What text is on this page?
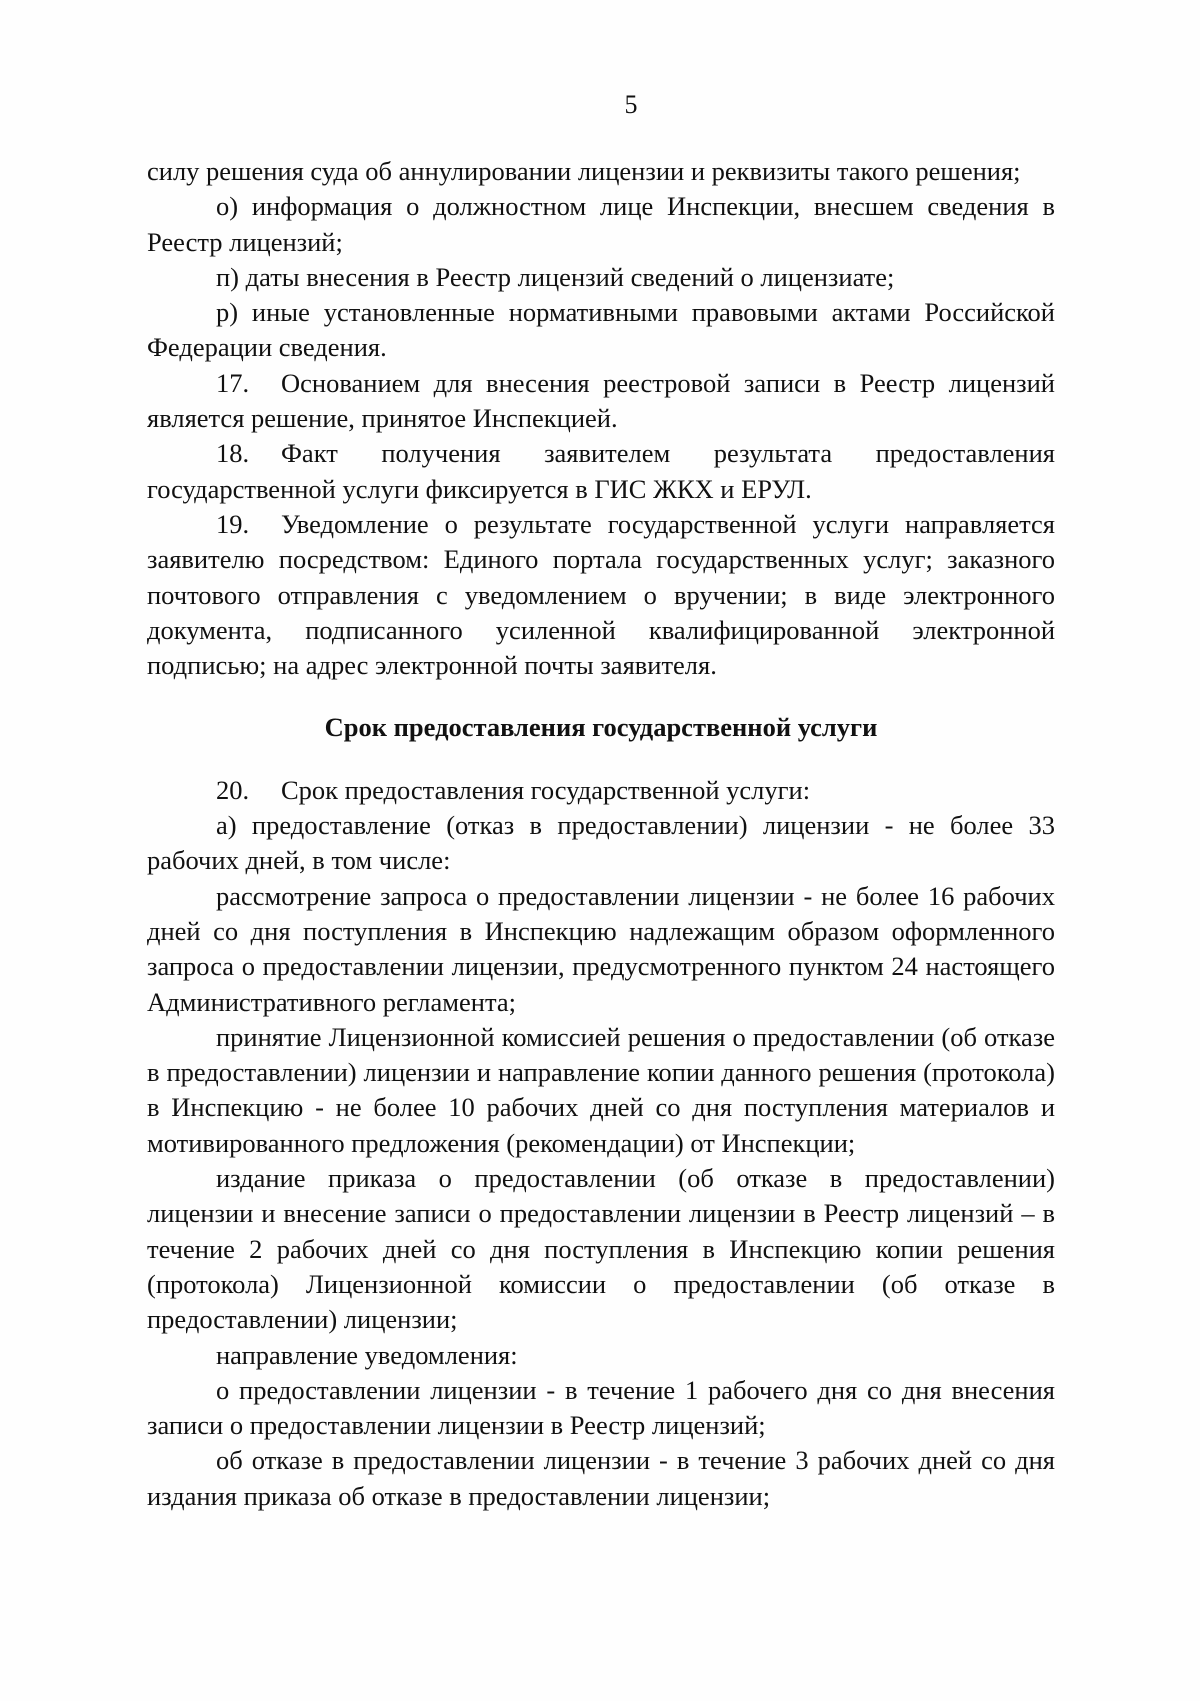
5

силу решения суда об аннулировании лицензии и реквизиты такого решения;

о) информация о должностном лице Инспекции, внесшем сведения в Реестр лицензий;

п) даты внесения в Реестр лицензий сведений о лицензиате;

р) иные установленные нормативными правовыми актами Российской Федерации сведения.

17. Основанием для внесения реестровой записи в Реестр лицензий является решение, принятое Инспекцией.

18. Факт получения заявителем результата предоставления государственной услуги фиксируется в ГИС ЖКХ и ЕРУЛ.

19. Уведомление о результате государственной услуги направляется заявителю посредством: Единого портала государственных услуг; заказного почтового отправления с уведомлением о вручении; в виде электронного документа, подписанного усиленной квалифицированной электронной подписью; на адрес электронной почты заявителя.

Срок предоставления государственной услуги

20. Срок предоставления государственной услуги:

а) предоставление (отказ в предоставлении) лицензии - не более 33 рабочих дней, в том числе:

рассмотрение запроса о предоставлении лицензии - не более 16 рабочих дней со дня поступления в Инспекцию надлежащим образом оформленного запроса о предоставлении лицензии, предусмотренного пунктом 24 настоящего Административного регламента;

принятие Лицензионной комиссией решения о предоставлении (об отказе в предоставлении) лицензии и направление копии данного решения (протокола) в Инспекцию - не более 10 рабочих дней со дня поступления материалов и мотивированного предложения (рекомендации) от Инспекции;

издание приказа о предоставлении (об отказе в предоставлении) лицензии и внесение записи о предоставлении лицензии в Реестр лицензий – в течение 2 рабочих дней со дня поступления в Инспекцию копии решения (протокола) Лицензионной комиссии о предоставлении (об отказе в предоставлении) лицензии;

направление уведомления:

о предоставлении лицензии - в течение 1 рабочего дня со дня внесения записи о предоставлении лицензии в Реестр лицензий;

об отказе в предоставлении лицензии - в течение 3 рабочих дней со дня издания приказа об отказе в предоставлении лицензии;
